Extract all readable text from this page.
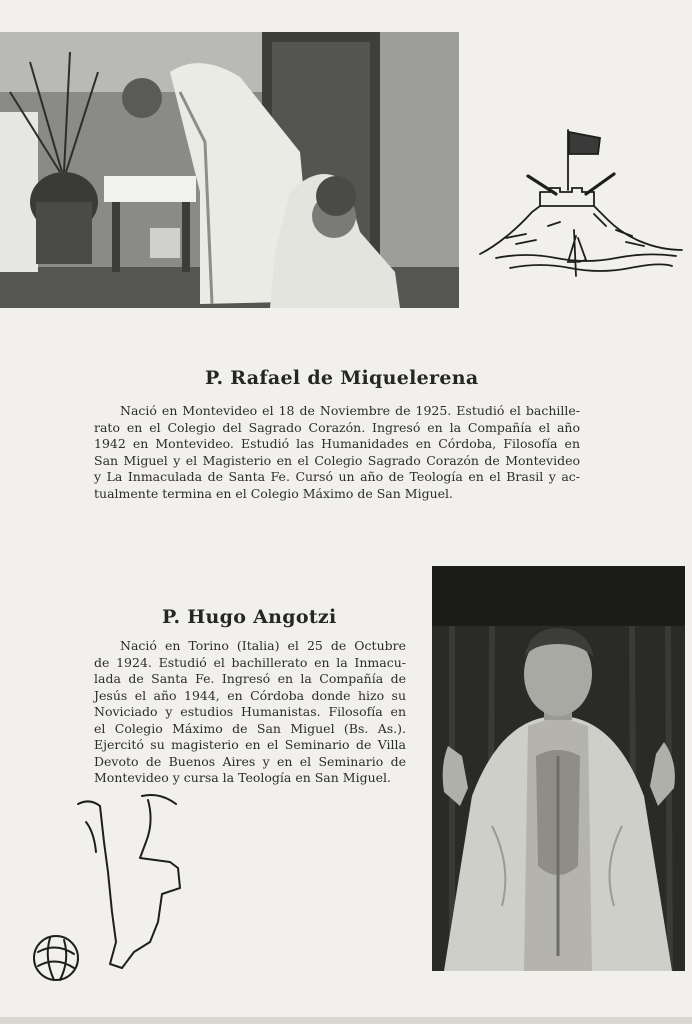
P. Rafael de Miquelerena
Nació en Montevideo el 18 de Noviembre de 1925. Estudió el bachille-
rato en el Colegio del Sagrado Corazón. Ingresó en la Compañía el año
1942 en Montevideo. Estudió las Humanidades en Córdoba, Filosofía en
San Miguel y el Magisterio en el Colegio Sagrado Corazón de Montevideo
y La Inmaculada de Santa Fe. Cursó un año de Teología en el Brasil y ac-
tualmente termina en el Colegio Máximo de San Miguel.
P. Hugo Angotzi
Nació en Torino (Italia) el 25 de Octubre
de 1924. Estudió el bachillerato en la Inmacu-
lada de Santa Fe. Ingresó en la Compañía de
Jesús el año 1944, en Córdoba donde hizo su
Noviciado y estudios Humanistas. Filosofía en
el Colegio Máximo de San Miguel (Bs. As.).
Ejercitó su magisterio en el Seminario de Villa
Devoto de Buenos Aires y en el Seminario de
Montevideo y cursa la Teología en San Miguel.
